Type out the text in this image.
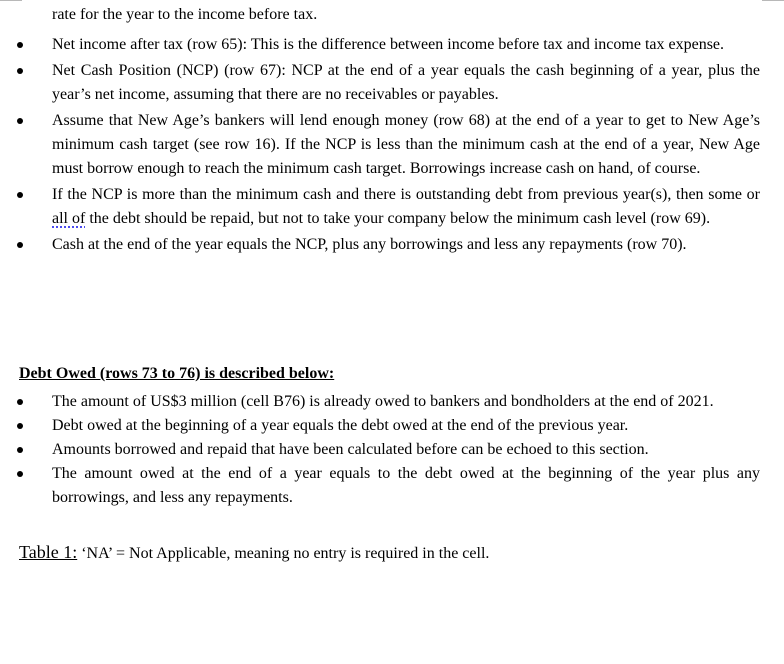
rate for the year to the income before tax.

Net income after tax (row 65): This is the difference between income before tax and income tax expense.
Net Cash Position (NCP) (row 67): NCP at the end of a year equals the cash beginning of a year, plus the year’s net income, assuming that there are no receivables or payables.
Assume that New Age’s bankers will lend enough money (row 68) at the end of a year to get to New Age’s minimum cash target (see row 16). If the NCP is less than the minimum cash at the end of a year, New Age must borrow enough to reach the minimum cash target. Borrowings increase cash on hand, of course.
If the NCP is more than the minimum cash and there is outstanding debt from previous year(s), then some or all of the debt should be repaid, but not to take your company below the minimum cash level (row 69).
Cash at the end of the year equals the NCP, plus any borrowings and less any repayments (row 70).

Debt Owed (rows 73 to 76) is described below:

The amount of US$3 million (cell B76) is already owed to bankers and bondholders at the end of 2021.
Debt owed at the beginning of a year equals the debt owed at the end of the previous year.
Amounts borrowed and repaid that have been calculated before can be echoed to this section.
The amount owed at the end of a year equals to the debt owed at the beginning of the year plus any borrowings, and less any repayments.

Table 1: ‘NA’ = Not Applicable, meaning no entry is required in the cell.
